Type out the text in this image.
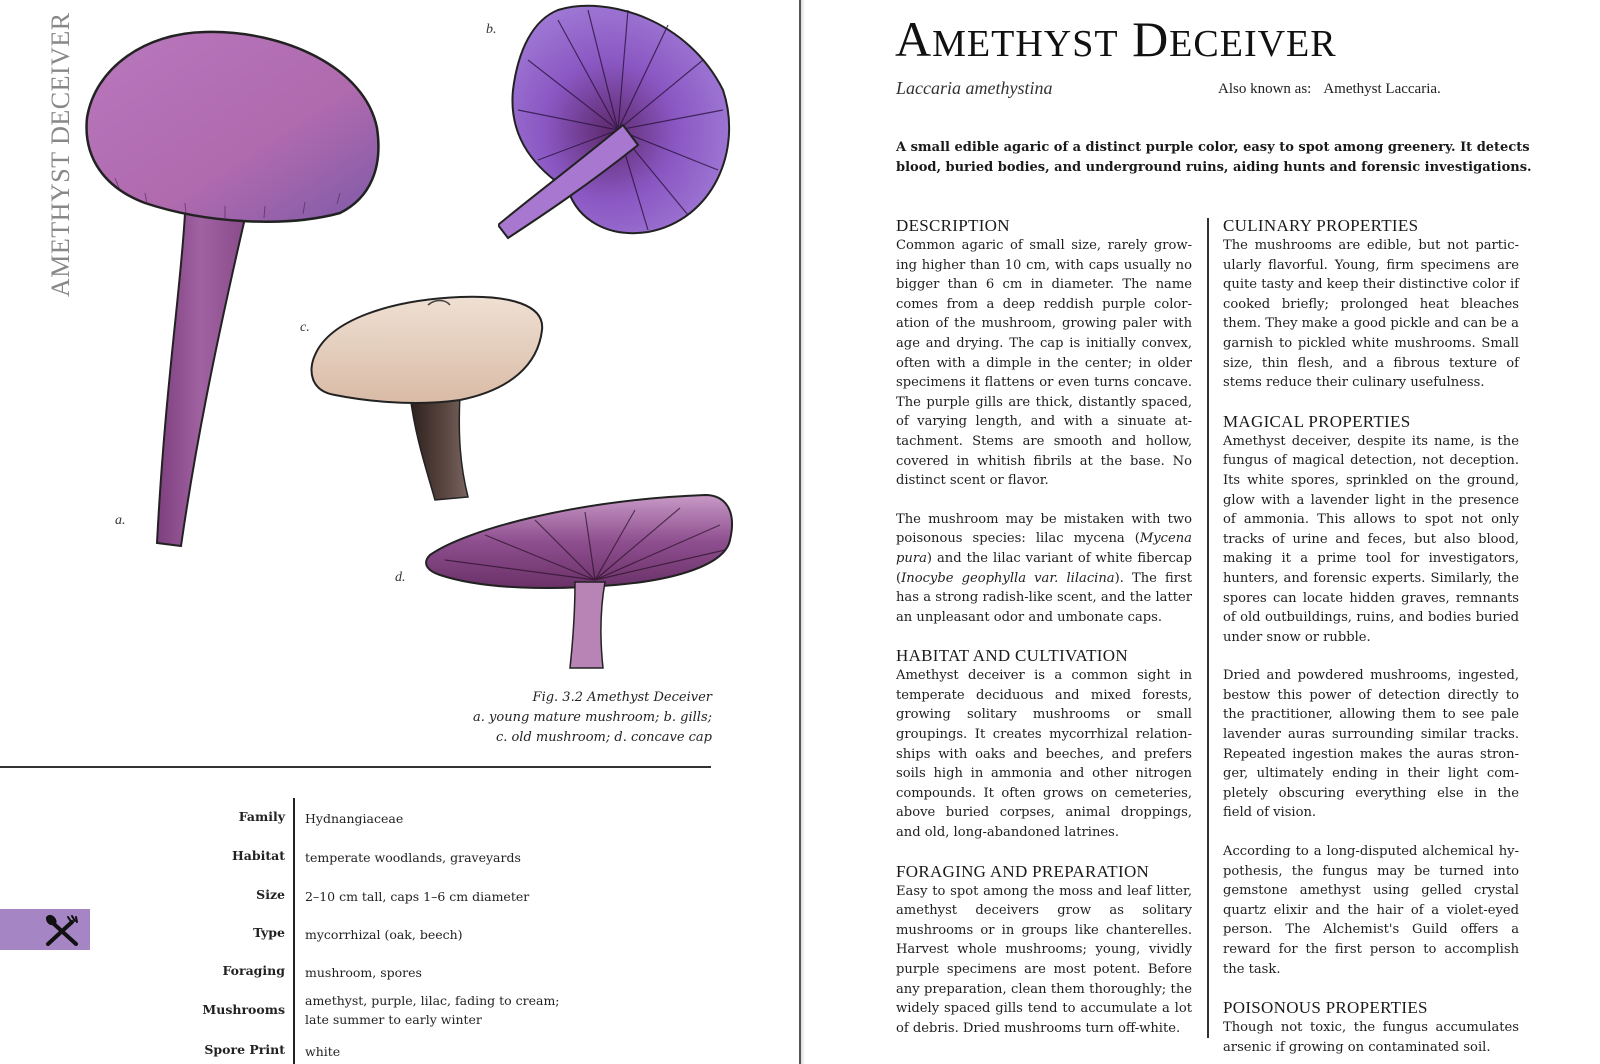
AMETHYST DECEIVER
a.
b.
c.
d.
Fig. 3.2 Amethyst Deceiver
a. young mature mushroom; b. gills;
c. old mushroom; d. concave cap
Family Hydnangiaceae
Habitat temperate woodlands, graveyards
Size 2–10 cm tall, caps 1–6 cm diameter
Type mycorrhizal (oak, beech)
Foraging mushroom, spores
Mushrooms
amethyst, purple, lilac, fading to cream;
late summer to early winter
Spore Print white
AMETHYST DECEIVER
Laccaria amethystina	Also known as: Amethyst Laccaria.
A small edible agaric of a distinct purple color, easy to spot among greenery. It detects blood, buried bodies, and underground ruins, aiding hunts and forensic investigations.
DESCRIPTION

Common agaric of small size, rarely growing higher than 10 cm, with caps usually no bigger than 6 cm in diameter. The name comes from a deep reddish purple coloration of the mushroom, growing paler with age and drying. The cap is initially convex, often with a dimple in the center; in older specimens it flattens or even turns concave. The purple gills are thick, distantly spaced, of varying length, and with a sinuate attachment. Stems are smooth and hollow, covered in whitish fibrils at the base. No distinct scent or flavor.

The mushroom may be mistaken with two poisonous species: lilac mycena (Mycena pura) and the lilac variant of white fibercap (Inocybe geophylla var. lilacina). The first has a strong radish-like scent, and the latter an unpleasant odor and umbonate caps.

HABITAT AND CULTIVATION

Amethyst deceiver is a common sight in temperate deciduous and mixed forests, growing solitary mushrooms or small groupings. It creates mycorrhizal relationships with oaks and beeches, and prefers soils high in ammonia and other nitrogen compounds. It often grows on cemeteries, above buried corpses, animal droppings, and old, long-abandoned latrines.

FORAGING AND PREPARATION

Easy to spot among the moss and leaf litter, amethyst deceivers grow as solitary mushrooms or in groups like chanterelles. Harvest whole mushrooms; young, vividly purple specimens are most potent. Before any preparation, clean them thoroughly; the widely spaced gills tend to accumulate a lot of debris. Dried mushrooms turn off-white.

CULINARY PROPERTIES

The mushrooms are edible, but not particularly flavorful. Young, firm specimens are quite tasty and keep their distinctive color if cooked briefly; prolonged heat bleaches them. They make a good pickle and can be a garnish to pickled white mushrooms. Small size, thin flesh, and a fibrous texture of stems reduce their culinary usefulness.

MAGICAL PROPERTIES

Amethyst deceiver, despite its name, is the fungus of magical detection, not deception. Its white spores, sprinkled on the ground, glow with a lavender light in the presence of ammonia. This allows to spot not only tracks of urine and feces, but also blood, making it a prime tool for investigators, hunters, and forensic experts. Similarly, the spores can locate hidden graves, remnants of old outbuildings, ruins, and bodies buried under snow or rubble.

Dried and powdered mushrooms, ingested, bestow this power of detection directly to the practitioner, allowing them to see pale lavender auras surrounding similar tracks. Repeated ingestion makes the auras stronger, ultimately ending in their light completely obscuring everything else in the field of vision.

According to a long-disputed alchemical hypothesis, the fungus may be turned into gemstone amethyst using gelled crystal quartz elixir and the hair of a violet-eyed person. The Alchemist's Guild offers a reward for the first person to accomplish the task.

POISONOUS PROPERTIES

Though not toxic, the fungus accumulates arsenic if growing on contaminated soil.
